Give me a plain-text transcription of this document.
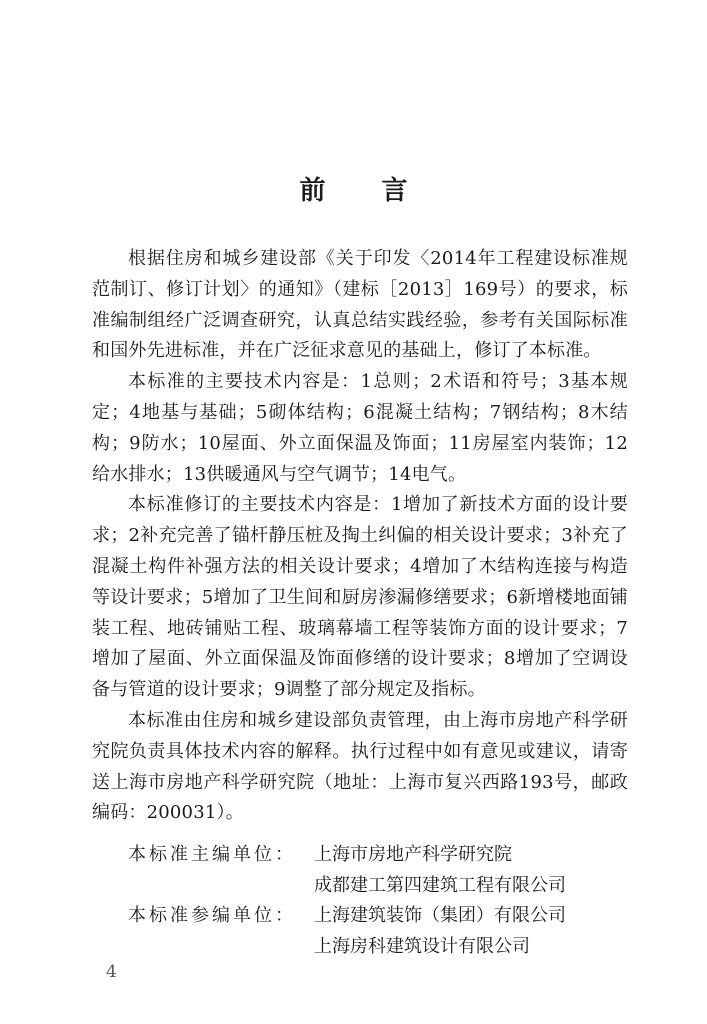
前 言

根据住房和城乡建设部《关于印发〈2014年工程建设标准规范制订、修订计划〉的通知》（建标［2013］169号）的要求，标准编制组经广泛调查研究，认真总结实践经验，参考有关国际标准和国外先进标准，并在广泛征求意见的基础上，修订了本标准。

本标准的主要技术内容是：1总则；2术语和符号；3基本规定；4地基与基础；5砌体结构；6混凝土结构；7钢结构；8木结构；9防水；10屋面、外立面保温及饰面；11房屋室内装饰；12给水排水；13供暖通风与空气调节；14电气。

本标准修订的主要技术内容是：1增加了新技术方面的设计要求；2补充完善了锚杆静压桩及掏土纠偏的相关设计要求；3补充了混凝土构件补强方法的相关设计要求；4增加了木结构连接与构造等设计要求；5增加了卫生间和厨房渗漏修缮要求；6新增楼地面铺装工程、地砖铺贴工程、玻璃幕墙工程等装饰方面的设计要求；7增加了屋面、外立面保温及饰面修缮的设计要求；8增加了空调设备与管道的设计要求；9调整了部分规定及指标。

本标准由住房和城乡建设部负责管理，由上海市房地产科学研究院负责具体技术内容的解释。执行过程中如有意见或建议，请寄送上海市房地产科学研究院（地址：上海市复兴西路193号，邮政编码：200031）。

本标准主编单位：	上海市房地产科学研究院
成都建工第四建筑工程有限公司
本标准参编单位：	上海建筑装饰（集团）有限公司
上海房科建筑设计有限公司
4
